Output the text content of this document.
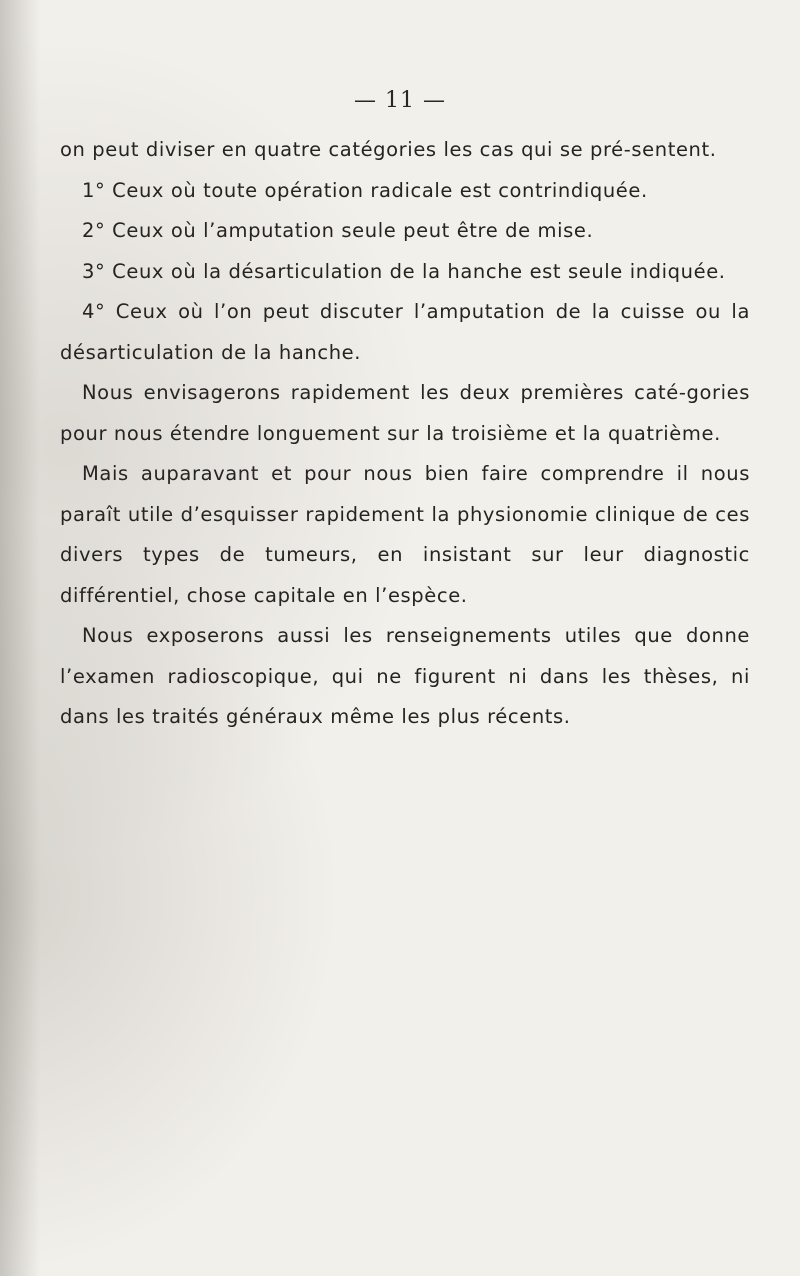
— 11 —

on peut diviser en quatre catégories les cas qui se pré-sentent.

1° Ceux où toute opération radicale est contrindiquée.

2° Ceux où l’amputation seule peut être de mise.

3° Ceux où la désarticulation de la hanche est seule indiquée.

4° Ceux où l’on peut discuter l’amputation de la cuisse ou la désarticulation de la hanche.

Nous envisagerons rapidement les deux premières caté-gories pour nous étendre longuement sur la troisième et la quatrième.

Mais auparavant et pour nous bien faire comprendre il nous paraît utile d’esquisser rapidement la physionomie clinique de ces divers types de tumeurs, en insistant sur leur diagnostic différentiel, chose capitale en l’espèce.

Nous exposerons aussi les renseignements utiles que donne l’examen radioscopique, qui ne figurent ni dans les thèses, ni dans les traités généraux même les plus récents.
